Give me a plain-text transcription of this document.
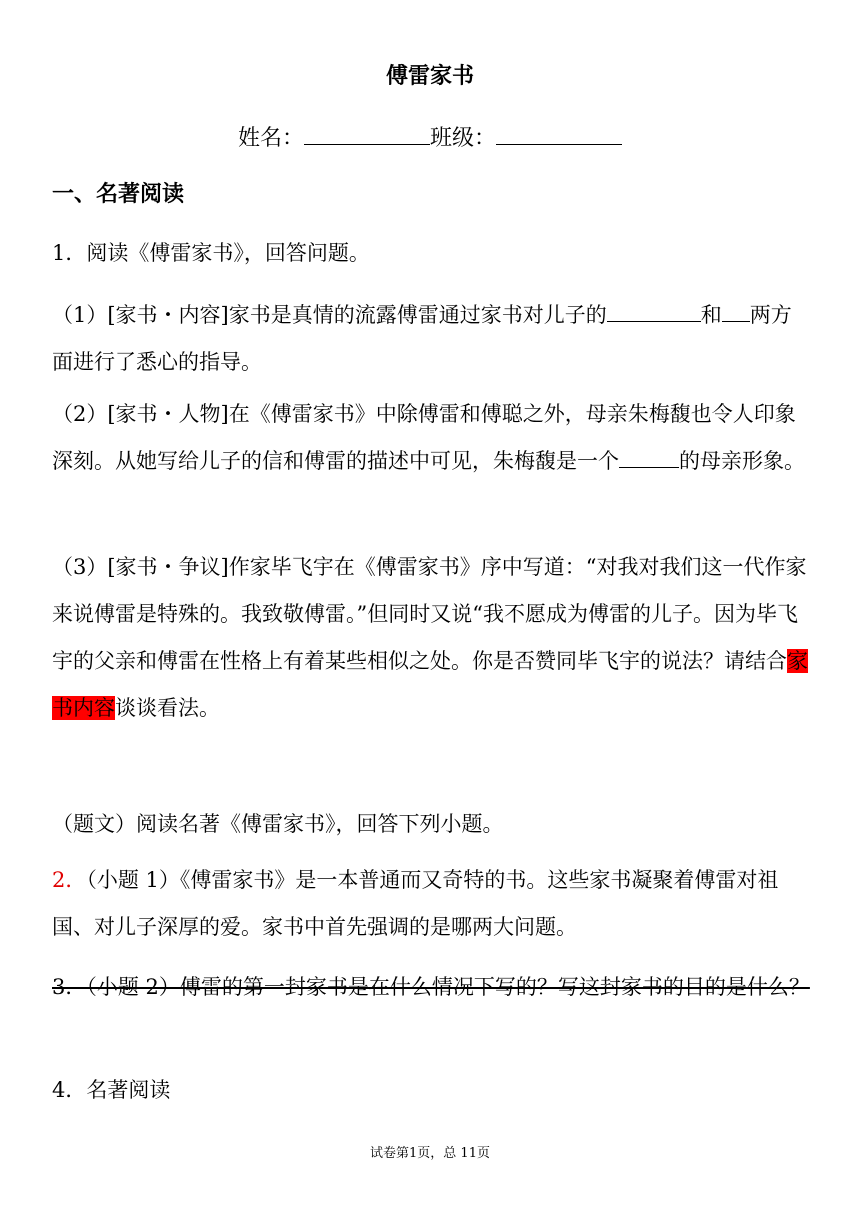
傅雷家书
姓名：	班级：
一、名著阅读
1．阅读《傅雷家书》，回答问题。
（1）[家书・内容]家书是真情的流露傅雷通过家书对儿子的	和 两方面进行了悉心的指导。
（2）[家书・人物]在《傅雷家书》中除傅雷和傅聪之外，母亲朱梅馥也令人印象深刻。从她写给儿子的信和傅雷的描述中可见，朱梅馥是一个	的母亲形象。
（3）[家书・争议]作家毕飞宇在《傅雷家书》序中写道：“对我对我们这一代作家来说傅雷是特殊的。我致敬傅雷。”但同时又说“我不愿成为傅雷的儿子。因为毕飞宇的父亲和傅雷在性格上有着某些相似之处。你是否赞同毕飞宇的说法？请结合家书内容谈谈看法。
（题文）阅读名著《傅雷家书》，回答下列小题。
2．（小题 1）《傅雷家书》是一本普通而又奇特的书。这些家书凝聚着傅雷对祖国、对儿子深厚的爱。家书中首先强调的是哪两大问题。
3．（小题 2）傅雷的第一封家书是在什么情况下写的？写这封家书的目的是什么？
4．名著阅读
试卷第1页，总 11页
